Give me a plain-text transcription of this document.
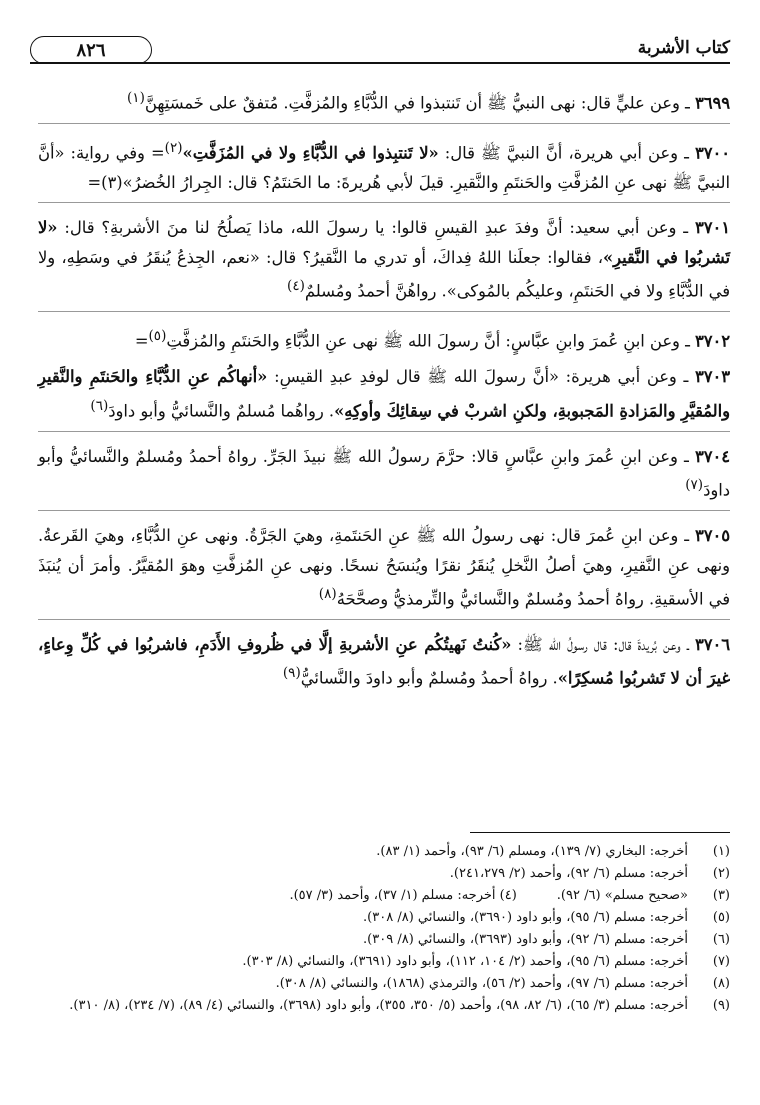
كتاب الأشربة
٨٢٦

٣٦٩٩ ـ وعن عليٍّ قال: نهى النبيُّ ﷺ أن تَنتبذوا في الدُّبَّاءِ والمُزفَّتِ. مُتفقٌ على خَمسَتِهِنَّ$^{(١)}$

٣٧٠٠ ـ وعن أبي هريرة، أنَّ النبيَّ ﷺ قال: «لا تَنتبِذوا في الدُّبَّاءِ ولا في المُزَفَّتِ»$^{(٢)}$= وفي رواية: «أنَّ النبيَّ ﷺ نهى عنِ المُزفَّتِ والحَنتَمِ والنَّقيرِ. قيلَ لأبي هُريرةَ: ما الحَنتَمُ؟ قال: الجِرارُ الخُضرُ»(٣)=

٣٧٠١ ـ وعن أبي سعيد: أنَّ وفدَ عبدِ القيسِ قالوا: يا رسولَ الله، ماذا يَصلُحُ لنا منَ الأشربةِ؟ قال: «لا تَشربُوا في النَّقيرِ»، فقالوا: جعلَنا اللهُ فِداكَ، أو تدري ما النَّقيرُ؟ قال: «نعم، الجِذعُ يُنقَرُ في وسَطِهِ، ولا في الدُّبَّاءِ ولا في الحَنتَمِ، وعليكُم بالمُوكى». رواهُنَّ أحمدُ ومُسلمٌ$^{(٤)}$

٣٧٠٢ ـ وعن ابنِ عُمرَ وابنِ عبَّاسٍ: أنَّ رسولَ الله ﷺ نهى عنِ الدُّبَّاءِ والحَنتَمِ والمُزفَّتِ$^{(٥)}$=

٣٧٠٣ ـ وعن أبي هريرة: «أنَّ رسولَ الله ﷺ قال لوفدِ عبدِ القيسِ: «أنهاكُم عنِ الدُّبَّاءِ والحَنتَمِ والنَّقيرِ والمُقيَّرِ والمَزادةِ المَجبوبةِ، ولكنِ اشربْ في سِقائِكَ وأوكِهِ». رواهُما مُسلمٌ والنَّسائيُّ وأبو داودَ$^{(٦)}$

٣٧٠٤ ـ وعن ابنِ عُمرَ وابنِ عبَّاسٍ قالا: حرَّمَ رسولُ الله ﷺ نبيذَ الجَرِّ. رواهُ أحمدُ ومُسلمٌ والنَّسائيُّ وأبو داودَ$^{(٧)}$

٣٧٠٥ ـ وعن ابنِ عُمرَ قال: نهى رسولُ الله ﷺ عنِ الحَنتَمةِ، وهيَ الجَرَّةُ. ونهى عنِ الدُّبَّاءِ، وهيَ القَرعةُ. ونهى عنِ النَّقيرِ، وهيَ أصلُ النَّخلِ يُنقَرُ نقرًا ويُنسَحُ نسحًا. ونهى عنِ المُزفَّتِ وهوَ المُقيَّرُ. وأمرَ أن يُنبَذَ في الأسقيةِ. رواهُ أحمدُ ومُسلمٌ والنَّسائيُّ والتِّرمذيُّ وصحَّحَهُ$^{(٨)}$

٣٧٠٦ ـ وعن بُريدةَ قال: قال رسولُ الله ﷺ: «كُنتُ نَهيتُكُم عنِ الأشربةِ إلَّا في ظُروفِ الأَدَمِ، فاشربُوا في كُلِّ وِعاءٍ، غيرَ أن لا تَشربُوا مُسكِرًا». رواهُ أحمدُ ومُسلمٌ وأبو داودَ والنَّسائيُّ$^{(٩)}$

(١)
أخرجه: البخاري (٧/ ١٣٩)، ومسلم (٦/ ٩٣)، وأحمد (١/ ٨٣).
(٢)
أخرجه: مسلم (٦/ ٩٢)، وأحمد (٢/ ٢٤١،٢٧٩).
(٣)
«صحيح مسلم» (٦/ ٩٢).(٤) أخرجه: مسلم (١/ ٣٧)، وأحمد (٣/ ٥٧).
(٥)
أخرجه: مسلم (٦/ ٩٥)، وأبو داود (٣٦٩٠)، والنسائي (٨/ ٣٠٨).
(٦)
أخرجه: مسلم (٦/ ٩٢)، وأبو داود (٣٦٩٣)، والنسائي (٨/ ٣٠٩).
(٧)
أخرجه: مسلم (٦/ ٩٥)، وأحمد (٢/ ١٠٤، ١١٢)، وأبو داود (٣٦٩١)، والنسائي (٨/ ٣٠٣).
(٨)
أخرجه: مسلم (٦/ ٩٧)، وأحمد (٢/ ٥٦)، والترمذي (١٨٦٨)، والنسائي (٨/ ٣٠٨).
(٩)
أخرجه: مسلم (٣/ ٦٥)، (٦/ ٨٢، ٩٨)، وأحمد (٥/ ٣٥٠، ٣٥٥)، وأبو داود (٣٦٩٨)، والنسائي (٤/ ٨٩)، (٧/ ٢٣٤)، (٨/ ٣١٠).
